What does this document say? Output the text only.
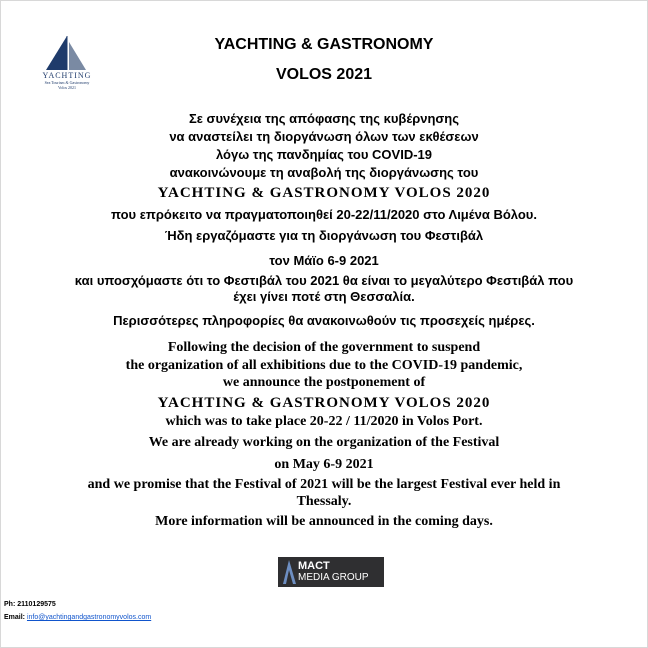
YACHTING
Sea Tourism & Gastronomy
Volos 2021
YACHTING & GASTRONOMY
VOLOS 2021
Σε συνέχεια της απόφασης της κυβέρνησης
να αναστείλει τη διοργάνωση όλων των εκθέσεων
λόγω της πανδημίας του COVID-19
ανακοινώνουμε τη αναβολή της διοργάνωσης του
YACHTING & GASTRONOMY VOLOS 2020
που επρόκειτο να πραγματοποιηθεί 20-22/11/2020 στο Λιμένα Βόλου.
Ήδη εργαζόμαστε για τη διοργάνωση του Φεστιβάλ
τον Μάϊο 6-9 2021
και υποσχόμαστε ότι το Φεστιβάλ του 2021 θα είναι το μεγαλύτερο Φεστιβάλ που
έχει γίνει ποτέ στη Θεσσαλία.
Περισσότερες πληροφορίες θα ανακοινωθούν τις προσεχείς ημέρες.
Following the decision of the government to suspend
the organization of all exhibitions due to the COVID-19 pandemic,
we announce the postponement of
YACHTING & GASTRONOMY VOLOS 2020
which was to take place 20-22 / 11/2020 in Volos Port.
We are already working on the organization of the Festival
on May 6-9 2021
and we promise that the Festival of 2021 will be the largest Festival ever held in
Thessaly.
More information will be announced in the coming days.
MACT
MEDIA GROUP
Ph: 2110129575
Email: info@yachtingandgastronomyvolos.com
